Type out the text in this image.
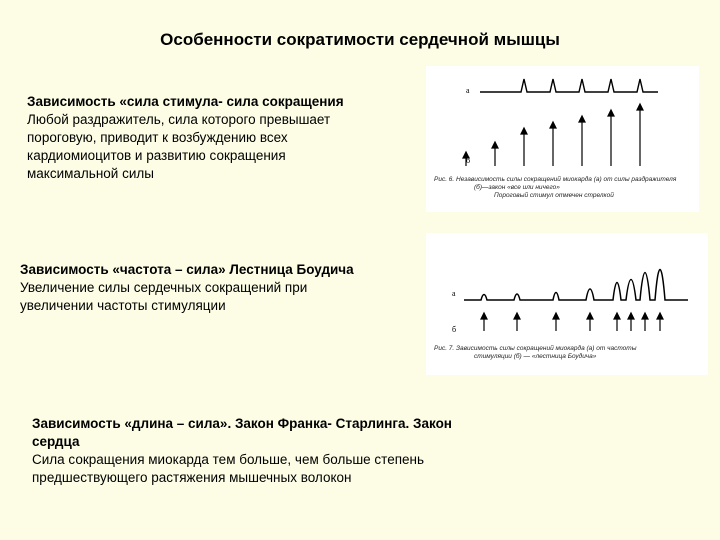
Особенности сократимости сердечной мышцы
Зависимость «сила стимула- сила сокращения
Любой раздражитель, сила которого превышает
пороговую, приводит к возбуждению всех
кардиомиоцитов и развитию сокращения
максимальной силы
Зависимость «частота – сила» Лестница Боудича
Увеличение силы сердечных сокращений при
увеличении частоты стимуляции
Зависимость «длина – сила». Закон Франка- Старлинга. Закон
сердца
Сила сокращения миокарда тем больше, чем больше степень
предшествующего растяжения мышечных волокон
а
б
Рис. 6. Независимость силы сокращений миокарда (а) от силы раздражителя
(б)—закон «все или ничего»
Пороговый стимул отмечен стрелкой
а
б
Рис. 7. Зависимость силы сокращений миокарда (а) от частоты
стимуляции (б) — «лестница Боудича»
